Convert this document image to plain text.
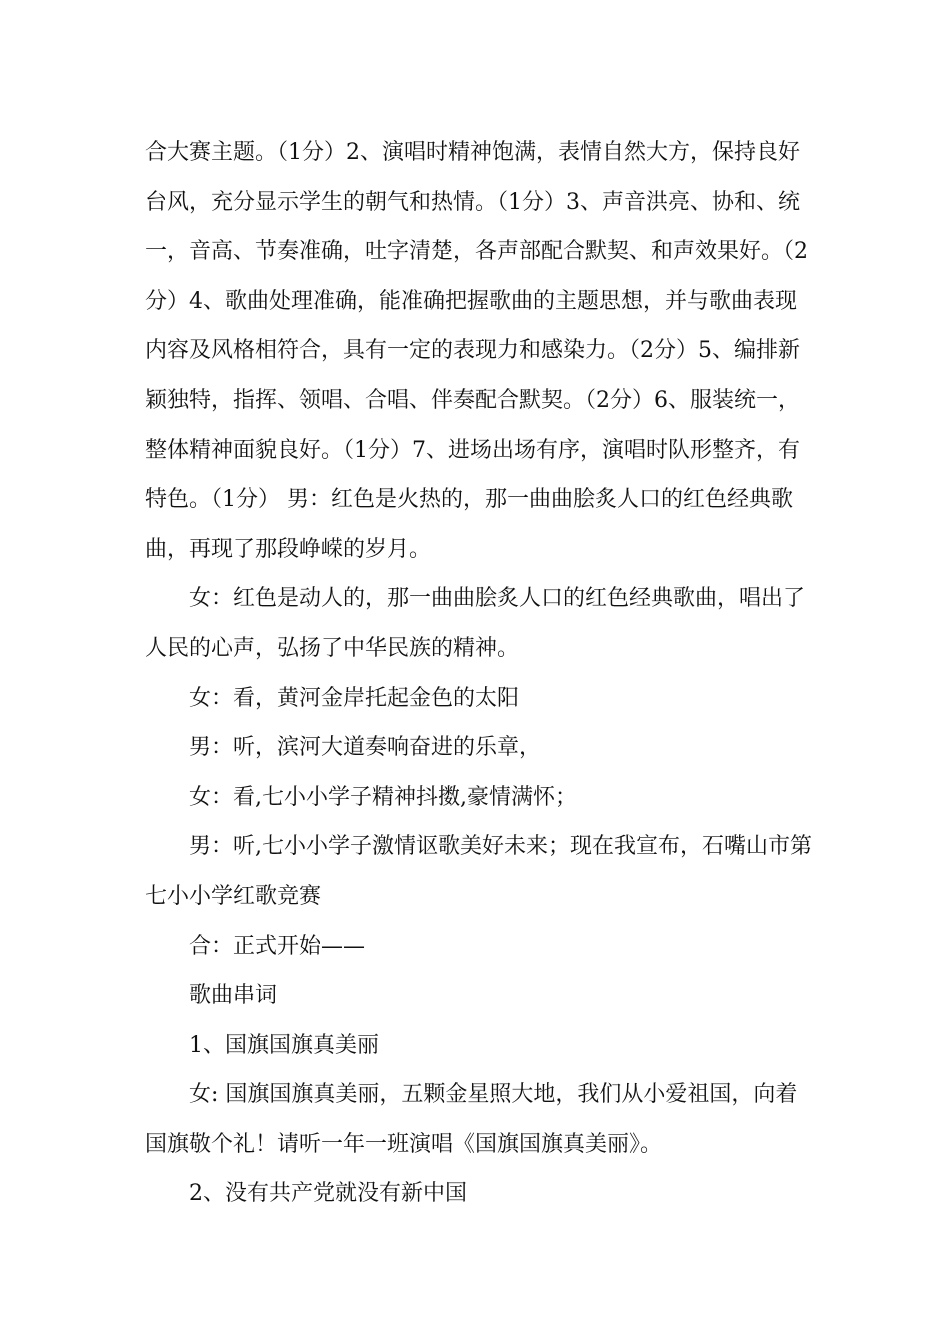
合大赛主题。（1分）2、演唱时精神饱满，表情自然大方，保持良好台风，充分显示学生的朝气和热情。（1分）3、声音洪亮、协和、统一，音高、节奏准确，吐字清楚，各声部配合默契、和声效果好。（2分）4、歌曲处理准确，能准确把握歌曲的主题思想，并与歌曲表现内容及风格相符合，具有一定的表现力和感染力。（2分）5、编排新颖独特，指挥、领唱、合唱、伴奏配合默契。（2分）6、服装统一，整体精神面貌良好。（1分）7、进场出场有序，演唱时队形整齐，有特色。（1分） 男：红色是火热的，那一曲曲脍炙人口的红色经典歌曲，再现了那段峥嵘的岁月。

女：红色是动人的，那一曲曲脍炙人口的红色经典歌曲，唱出了人民的心声，弘扬了中华民族的精神。

女：看，黄河金岸托起金色的太阳

男：听，滨河大道奏响奋进的乐章，

女：看,七小小学子精神抖擞,豪情满怀；

男：听,七小小学子激情讴歌美好未来；现在我宣布，石嘴山市第七小小学红歌竞赛

合：正式开始——

歌曲串词

1、国旗国旗真美丽

女: 国旗国旗真美丽，五颗金星照大地，我们从小爱祖国，向着国旗敬个礼！请听一年一班演唱《国旗国旗真美丽》。

2、没有共产党就没有新中国
